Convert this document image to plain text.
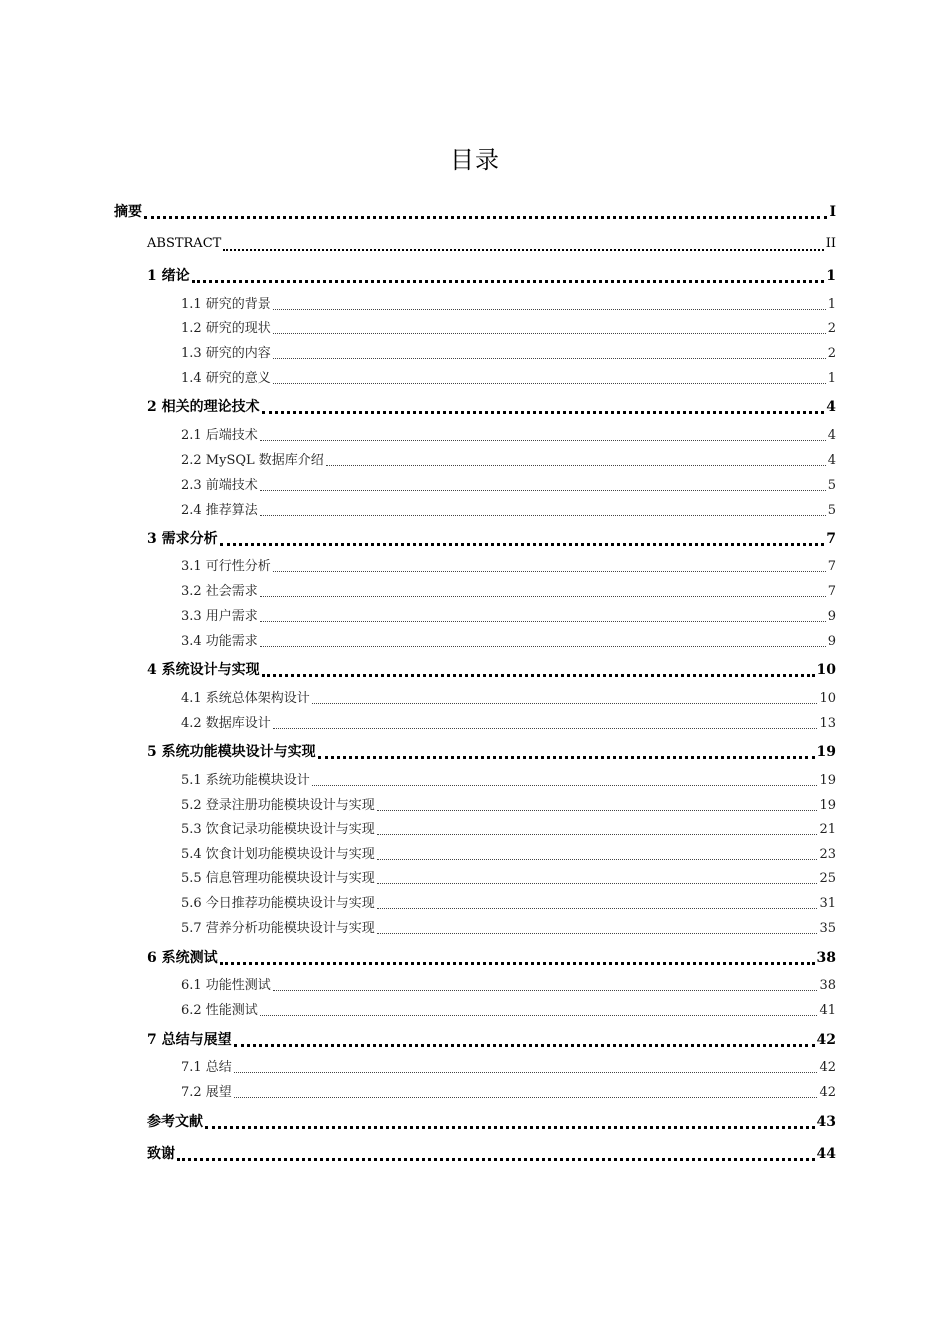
目录
摘要	I
ABSTRACT	II
1 绪论	1
1.1 研究的背景	1
1.2 研究的现状	2
1.3 研究的内容	2
1.4 研究的意义	1
2 相关的理论技术	4
2.1 后端技术	4
2.2 MySQL 数据库介绍	4
2.3 前端技术	5
2.4 推荐算法	5
3 需求分析	7
3.1 可行性分析	7
3.2 社会需求	7
3.3 用户需求	9
3.4 功能需求	9
4 系统设计与实现	10
4.1 系统总体架构设计	10
4.2 数据库设计	13
5 系统功能模块设计与实现	19
5.1 系统功能模块设计	19
5.2 登录注册功能模块设计与实现	19
5.3 饮食记录功能模块设计与实现	21
5.4 饮食计划功能模块设计与实现	23
5.5 信息管理功能模块设计与实现	25
5.6 今日推荐功能模块设计与实现	31
5.7 营养分析功能模块设计与实现	35
6 系统测试	38
6.1 功能性测试	38
6.2 性能测试	41
7 总结与展望	42
7.1 总结	42
7.2 展望	42
参考文献	43
致谢	44
